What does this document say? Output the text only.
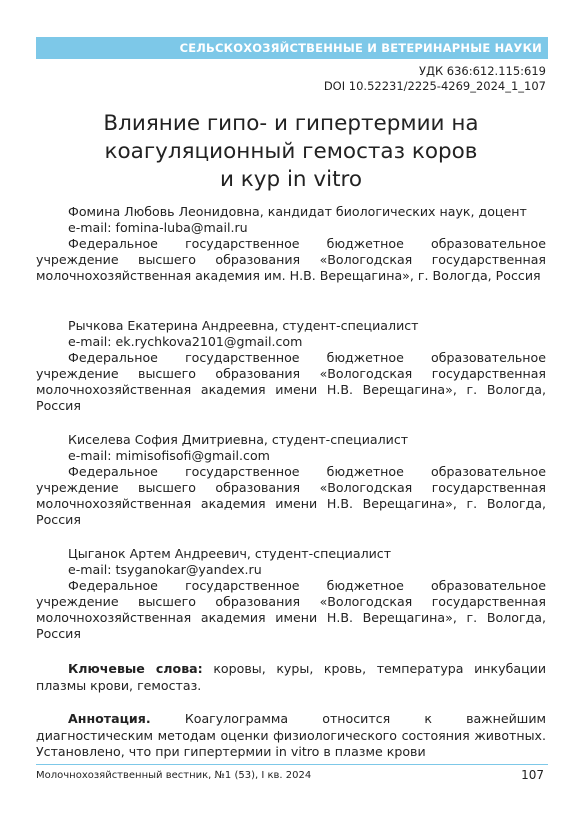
СЕЛЬСКОХОЗЯЙСТВЕННЫЕ И ВЕТЕРИНАРНЫЕ НАУКИ
УДК 636:612.115:619
DOI 10.52231/2225-4269_2024_1_107
Влияние гипо- и гипертермии на
коагуляционный гемостаз коров
и кур in vitro
Фомина Любовь Леонидовна, кандидат биологических наук, доцент
e-mail: fomina-luba@mail.ru
Федеральное государственное бюджетное образовательное учреждение высшего образования «Вологодская государственная молочнохозяйственная академия им. Н.В. Верещагина», г. Вологда, Россия
Рычкова Екатерина Андреевна, студент-специалист
e-mail: ek.rychkova2101@gmail.com
Федеральное государственное бюджетное образовательное учреждение высшего образования «Вологодская государственная молочнохозяйственная академия имени Н.В. Верещагина», г. Вологда, Россия
Киселева София Дмитриевна, студент-специалист
e-mail: mimisofisofi@gmail.com
Федеральное государственное бюджетное образовательное учреждение высшего образования «Вологодская государственная молочнохозяйственная академия имени Н.В. Верещагина», г. Вологда, Россия
Цыганок Артем Андреевич, студент-специалист
e-mail: tsyganokar@yandex.ru
Федеральное государственное бюджетное образовательное учреждение высшего образования «Вологодская государственная молочнохозяйственная академия имени Н.В. Верещагина», г. Вологда, Россия
Ключевые слова: коровы, куры, кровь, температура инкубации плазмы крови, гемостаз.
Аннотация. Коагулограмма относится к важнейшим диагностическим методам оценки физиологического состояния животных. Установлено, что при гипертермии in vitro в плазме крови
Молочнохозяйственный вестник, №1 (53), I кв. 2024	107
